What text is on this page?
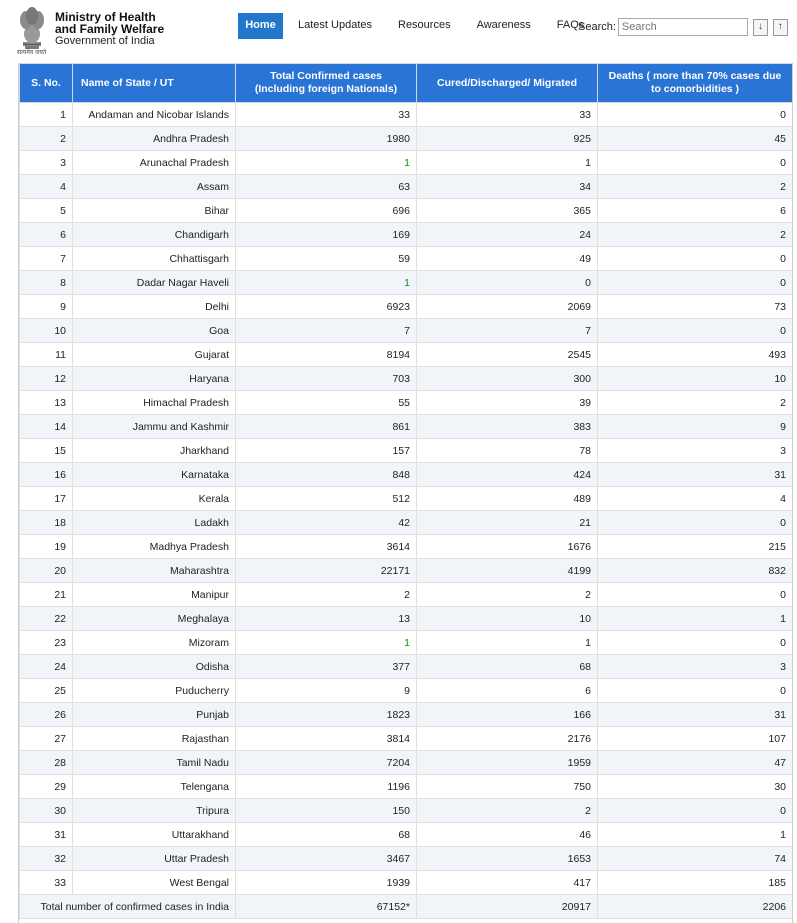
Ministry of Health
and Family Welfare
Government of India
सत्यमेव जयते
Home	Latest Updates	Resources	Awareness	FAQs
Search:
Search	↓	↑
S. No.	Name of State / UT	Total Confirmed cases (Including foreign Nationals)	Cured/Discharged/ Migrated	Deaths ( more than 70% cases due to comorbidities )
1	Andaman and Nicobar Islands	33	33	0
2	Andhra Pradesh	1980	925	45
3	Arunachal Pradesh	1	1	0
4	Assam	63	34	2
5	Bihar	696	365	6
6	Chandigarh	169	24	2
7	Chhattisgarh	59	49	0
8	Dadar Nagar Haveli	1	0	0
9	Delhi	6923	2069	73
10	Goa	7	7	0
11	Gujarat	8194	2545	493
12	Haryana	703	300	10
13	Himachal Pradesh	55	39	2
14	Jammu and Kashmir	861	383	9
15	Jharkhand	157	78	3
16	Karnataka	848	424	31
17	Kerala	512	489	4
18	Ladakh	42	21	0
19	Madhya Pradesh	3614	1676	215
20	Maharashtra	22171	4199	832
21	Manipur	2	2	0
22	Meghalaya	13	10	1
23	Mizoram	1	1	0
24	Odisha	377	68	3
25	Puducherry	9	6	0
26	Punjab	1823	166	31
27	Rajasthan	3814	2176	107
28	Tamil Nadu	7204	1959	47
29	Telengana	1196	750	30
30	Tripura	150	2	0
31	Uttarakhand	68	46	1
32	Uttar Pradesh	3467	1653	74
33	West Bengal	1939	417	185
Total number of confirmed cases in India		67152*	20917	2206
